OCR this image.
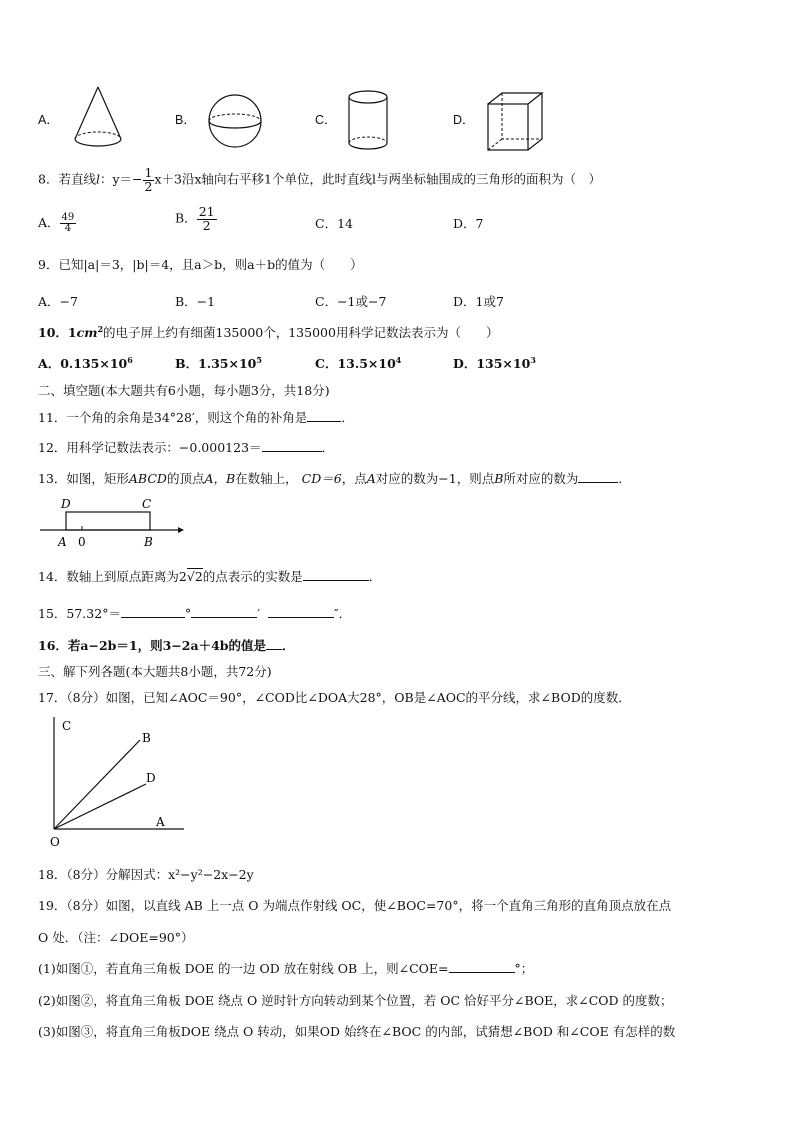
A．	B．	C．	D．
8．若直线l：$y=- \frac{1}{2} x+3$沿x轴向右平移1个单位，此时直线l与两坐标轴围成的三角形的面积为（　）
A． $\frac{49}{4}$	B． $\frac{21}{2}$	C．14	D．7
9．已知|a|＝3，|b|＝4，且a＞b，则a＋b的值为（　　）
A．−7	B．−1	C．−1或−7	D．1或7
10．$1cm^2$的电子屏上约有细菌135000个，135000用科学记数法表示为（　　）
A．$0.135\times 10^6$	B．$1.35\times 10^5$	C．$13.5\times 10^4$	D．$135\times 10^3$
二、填空题(本大题共有6小题，每小题3分，共18分)
11．一个角的余角是34°28′，则这个角的补角是	．
12．用科学记数法表示：−0.000123＝	．
13．如图，矩形ABCD的顶点A，B在数轴上， CD＝6，点A对应的数为−1，则点B所对应的数为	．
D	C
A 0	B
14．数轴上到原点距离为2√2的点表示的实数是	．
15．57.32°＝	°	′	″．
16．若a−2b＝1，则3−2a＋4b的值是 ．
三、解下列各题(本大题共8小题，共72分)
17．（8分）如图，已知∠AOC＝90°，∠COD比∠DOA大28°，OB是∠AOC的平分线，求∠BOD的度数．
C
B
D
A
O
18．（8分）分解因式：x²−y²−2x−2y
19．（8分）如图，以直线 AB 上一点 O 为端点作射线 OC，使∠BOC=70°，将一个直角三角形的直角顶点放在点
O 处．（注：∠DOE=90°）
(1)如图①，若直角三角板 DOE 的一边 OD 放在射线 OB 上，则∠COE=	°；
(2)如图②，将直角三角板 DOE 绕点 O 逆时针方向转动到某个位置，若 OC 恰好平分∠BOE，求∠COD 的度数；
(3)如图③，将直角三角板DOE 绕点 O 转动，如果OD 始终在∠BOC 的内部，试猜想∠BOD 和∠COE 有怎样的数
